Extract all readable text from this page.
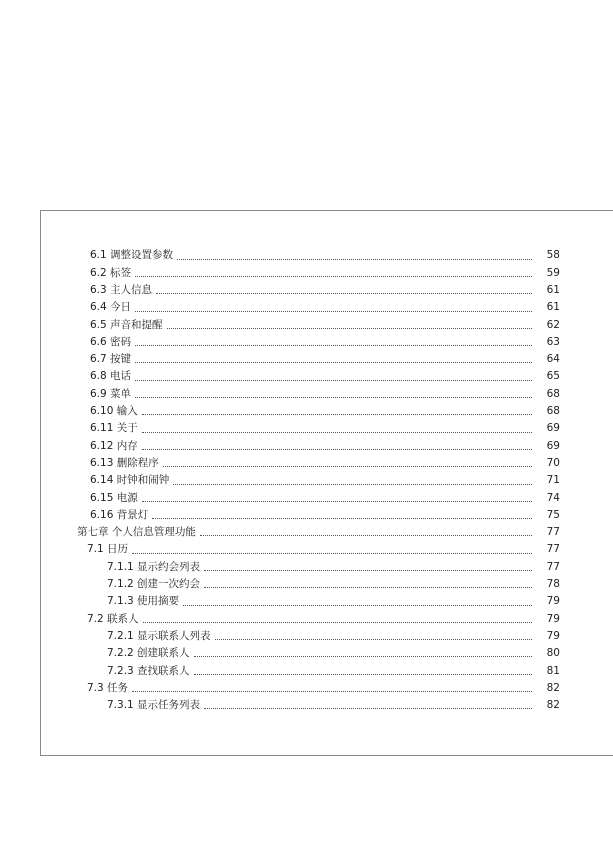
6.1 调整设置参数	58
6.2 标签	59
6.3 主人信息	61
6.4 今日	61
6.5 声音和提醒	62
6.6 密码	63
6.7 按键	64
6.8 电话	65
6.9 菜单	68
6.10 输入	68
6.11 关于	69
6.12 内存	69
6.13 删除程序	70
6.14 时钟和闹钟	71
6.15 电源	74
6.16 背景灯	75
第七章 个人信息管理功能	77
7.1 日历	77
7.1.1 显示约会列表	77
7.1.2 创建一次约会	78
7.1.3 使用摘要	79
7.2 联系人	79
7.2.1 显示联系人列表	79
7.2.2 创建联系人	80
7.2.3 查找联系人	81
7.3 任务	82
7.3.1 显示任务列表	82
